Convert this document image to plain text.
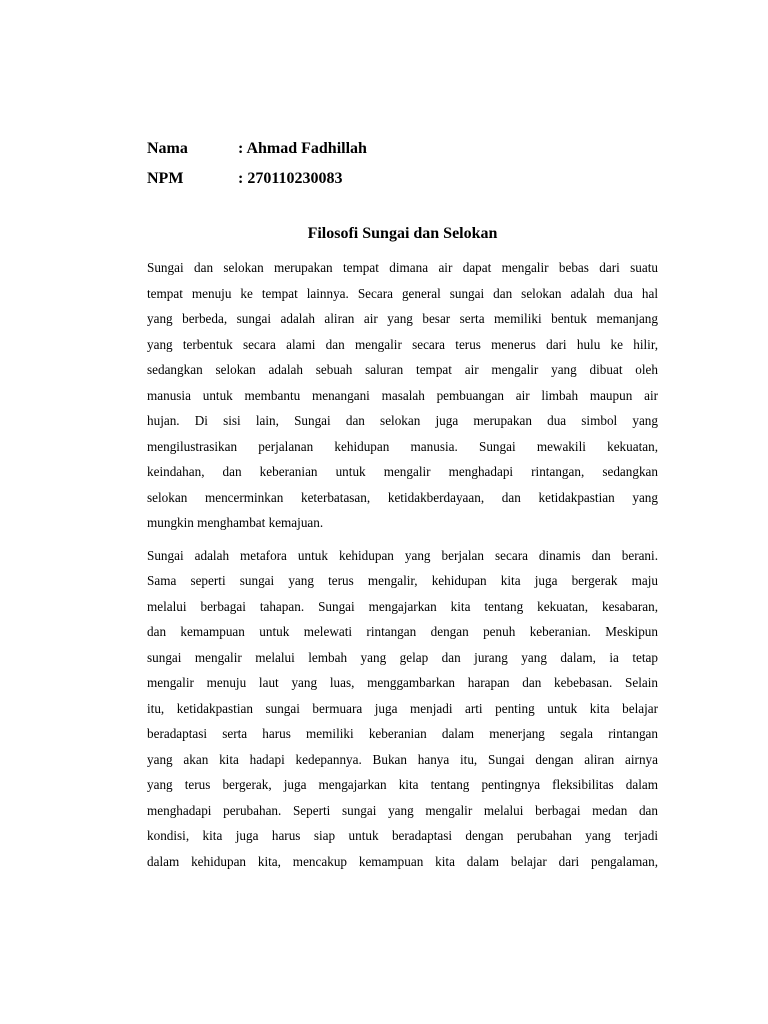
Nama	: Ahmad Fadhillah
NPM	: 270110230083
Filosofi Sungai dan Selokan
Sungai dan selokan merupakan tempat dimana air dapat mengalir bebas dari suatu
tempat menuju ke tempat lainnya. Secara general sungai dan selokan adalah dua hal
yang berbeda, sungai adalah aliran air yang besar serta memiliki bentuk memanjang
yang terbentuk secara alami dan mengalir secara terus menerus dari hulu ke hilir,
sedangkan selokan adalah sebuah saluran tempat air mengalir yang dibuat oleh
manusia untuk membantu menangani masalah pembuangan air limbah maupun air
hujan. Di sisi lain, Sungai dan selokan juga merupakan dua simbol yang
mengilustrasikan perjalanan kehidupan manusia. Sungai mewakili kekuatan,
keindahan, dan keberanian untuk mengalir menghadapi rintangan, sedangkan
selokan mencerminkan keterbatasan, ketidakberdayaan, dan ketidakpastian yang
mungkin menghambat kemajuan.
Sungai adalah metafora untuk kehidupan yang berjalan secara dinamis dan berani.
Sama seperti sungai yang terus mengalir, kehidupan kita juga bergerak maju
melalui berbagai tahapan. Sungai mengajarkan kita tentang kekuatan, kesabaran,
dan kemampuan untuk melewati rintangan dengan penuh keberanian. Meskipun
sungai mengalir melalui lembah yang gelap dan jurang yang dalam, ia tetap
mengalir menuju laut yang luas, menggambarkan harapan dan kebebasan. Selain
itu, ketidakpastian sungai bermuara juga menjadi arti penting untuk kita belajar
beradaptasi serta harus memiliki keberanian dalam menerjang segala rintangan
yang akan kita hadapi kedepannya. Bukan hanya itu, Sungai dengan aliran airnya
yang terus bergerak, juga mengajarkan kita tentang pentingnya fleksibilitas dalam
menghadapi perubahan. Seperti sungai yang mengalir melalui berbagai medan dan
kondisi, kita juga harus siap untuk beradaptasi dengan perubahan yang terjadi
dalam kehidupan kita, mencakup kemampuan kita dalam belajar dari pengalaman,
